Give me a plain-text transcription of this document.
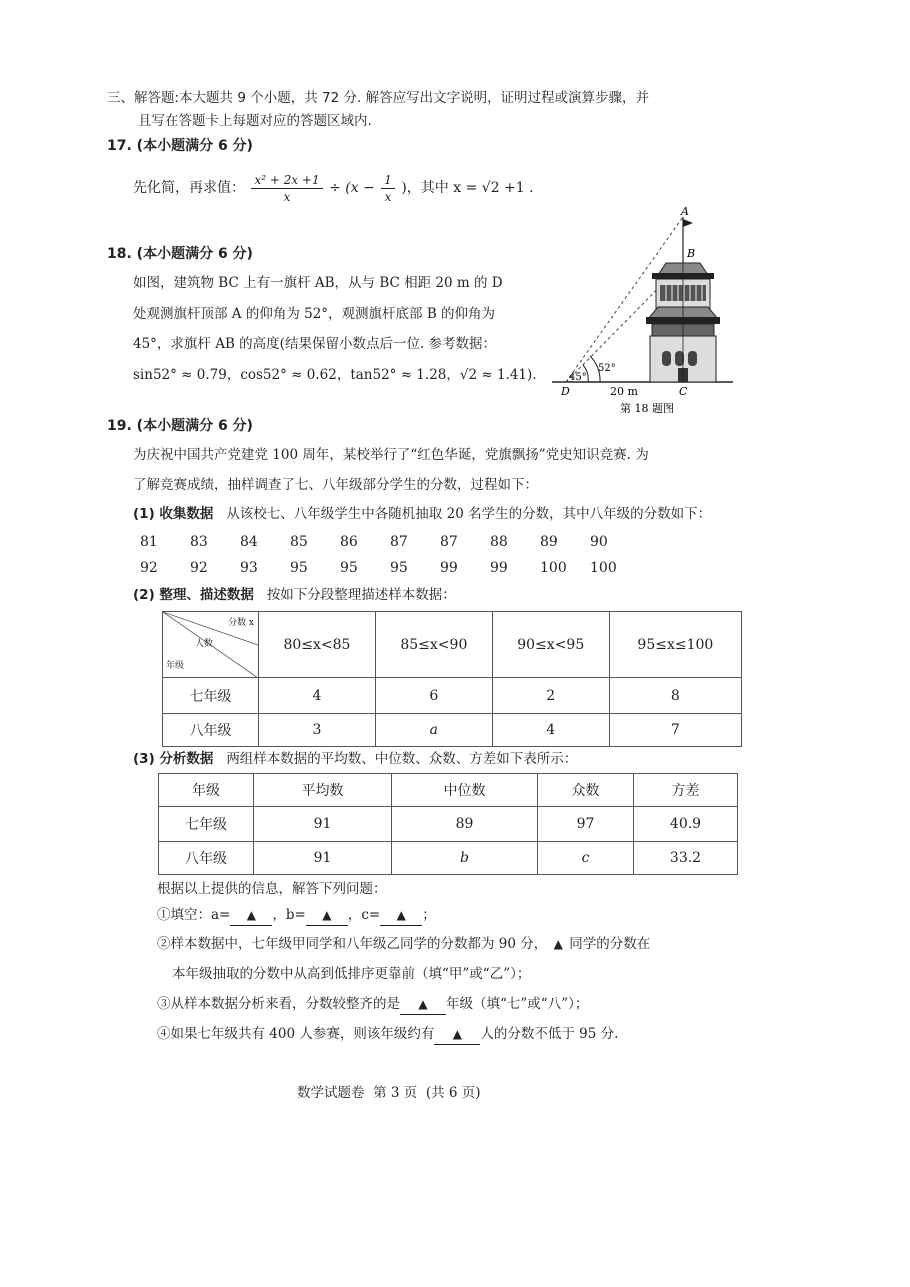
三、解答题:本大题共 9 个小题，共 72 分. 解答应写出文字说明，证明过程或演算步骤，并
且写在答题卡上每题对应的答题区域内.
17. (本小题满分 6 分)
先化简，再求值： $\frac{\text{x² + 2x +1}}{x} \div (x - \frac{1}{x}$ )，其中 x = √2 +1 .
18. (本小题满分 6 分)
如图，建筑物 BC 上有一旗杆 AB，从与 BC 相距 20 m 的 D
处观测旗杆顶部 A 的仰角为 52°，观测旗杆底部 B 的仰角为
45°，求旗杆 AB 的高度(结果保留小数点后一位. 参考数据：
sin52° ≈ 0.79，cos52° ≈ 0.62，tan52° ≈ 1.28，√2 ≈ 1.41).
A
B
C
D
45°
52°
20 m
第 18 题图
19. (本小题满分 6 分)
为庆祝中国共产党建党 100 周年，某校举行了“红色华诞，党旗飘扬”党史知识竞赛. 为
了解竞赛成绩，抽样调查了七、八年级部分学生的分数，过程如下：
(1) 收集数据 从该校七、八年级学生中各随机抽取 20 名学生的分数，其中八年级的分数如下：
81 83 84 85 86 87 87 88 89 90
92 92 93 95 95 95 99 99 100 100
(2) 整理、描述数据 按如下分段整理描述样本数据：
分数 x
人数
年级	80≤x<85	85≤x<90	90≤x<95	95≤x≤100
七年级	4	6	2	8
八年级	3	a	4	7
(3) 分析数据 两组样本数据的平均数、中位数、众数、方差如下表所示：
年级	平均数	中位数	众数	方差
七年级	91	89	97	40.9
八年级	91	b	c	33.2
根据以上提供的信息，解答下列问题：
①填空：a= ▲ ，b= ▲ ，c= ▲ ；
②样本数据中，七年级甲同学和八年级乙同学的分数都为 90 分， ▲ 同学的分数在
本年级抽取的分数中从高到低排序更靠前（填“甲”或“乙”）；
③从样本数据分析来看，分数较整齐的是 ▲ 年级（填“七”或“八”）；
④如果七年级共有 400 人参赛，则该年级约有 ▲ 人的分数不低于 95 分.
数学试题卷  第 3 页  (共 6 页)
